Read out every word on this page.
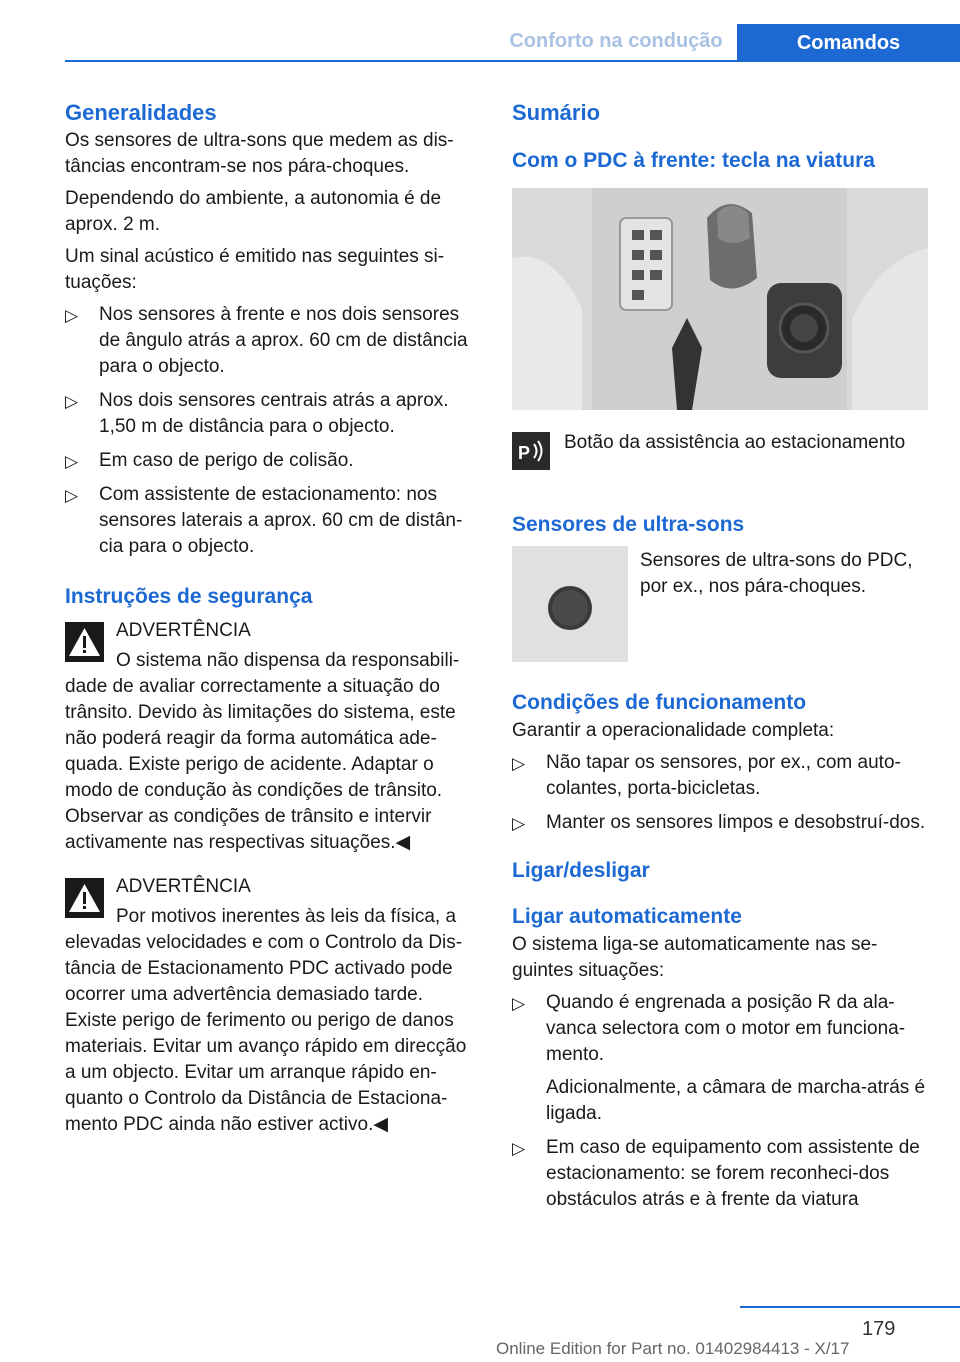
Conforto na condução	Comandos
Generalidades

Os sensores de ultra-sons que medem as dis-tâncias encontram-se nos pára-choques.

Dependendo do ambiente, a autonomia é de aprox. 2 m.

Um sinal acústico é emitido nas seguintes si-tuações:

▷ Nos sensores à frente e nos dois sensores de ângulo atrás a aprox. 60 cm de distância para o objecto.
▷ Nos dois sensores centrais atrás a aprox. 1,50 m de distância para o objecto.
▷ Em caso de perigo de colisão.
▷ Com assistente de estacionamento: nos sensores laterais a aprox. 60 cm de distân-cia para o objecto.
Instruções de segurança

ADVERTÊNCIA

O sistema não dispensa da responsabili-

dade de avaliar correctamente a situação do trânsito. Devido às limitações do sistema, este não poderá reagir da forma automática ade-quada. Existe perigo de acidente. Adaptar o modo de condução às condições de trânsito. Observar as condições de trânsito e intervir activamente nas respectivas situações.◀

ADVERTÊNCIA

Por motivos inerentes às leis da física, a

elevadas velocidades e com o Controlo da Dis-tância de Estacionamento PDC activado pode ocorrer uma advertência demasiado tarde. Existe perigo de ferimento ou perigo de danos materiais. Evitar um avanço rápido em direcção a um objecto. Evitar um arranque rápido en-quanto o Controlo da Distância de Estaciona-mento PDC ainda não estiver activo.◀

Sumário
Com o PDC à frente: tecla na viatura
P Botão da assistência ao estacionamento

Sensores de ultra-sons

Sensores de ultra-sons do PDC, por ex., nos pára-choques.

Condições de funcionamento

Garantir a operacionalidade completa:

▷ Não tapar os sensores, por ex., com auto-colantes, porta-bicicletas.
▷ Manter os sensores limpos e desobstruí-dos.
Ligar/desligar
Ligar automaticamente

O sistema liga-se automaticamente nas se-guintes situações:

▷ Quando é engrenada a posição R da ala-vanca selectora com o motor em funciona-mento.
Adicionalmente, a câmara de marcha-atrás é ligada.
▷ Em caso de equipamento com assistente de estacionamento: se forem reconheci-dos obstáculos atrás e à frente da viatura
179
Online Edition for Part no. 01402984413 - X/17
